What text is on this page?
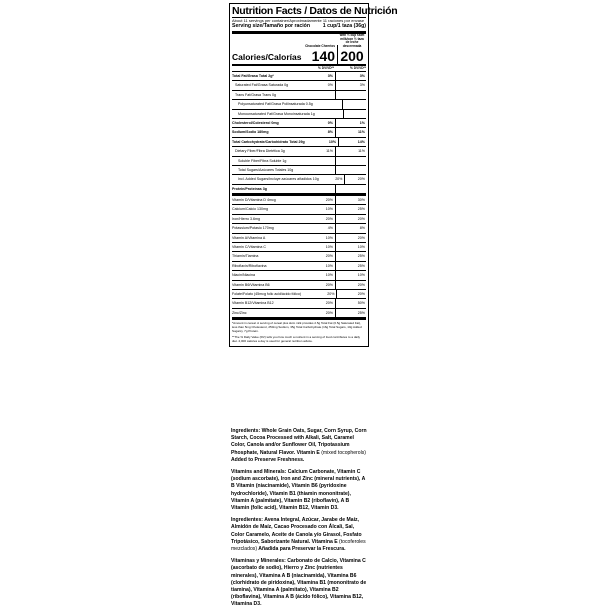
Nutrition Facts / Datos de Nutrición
About 11 servings per container/Aproximadamente 11 raciones por envase
Serving size/Tamaño por ración 1 cup/1 taza (36g)
Calories/Calorías
Chocolate Cheerios
140
with ½ cup skim milk/con ½ taza de leche descremada
200
% DV/VD**	% DV/VD**
Total Fat/Grasa Total 2g*	3%	3%
Saturated Fat/Grasa Saturada 0g	0%	3%
Trans Fat/Grasa Trans 0g
Polyunsaturated Fat/Grasa Poliinsaturada 0.5g
Monounsaturated Fat/Grasa Monoinsaturada 1g
Cholesterol/Colesterol 0mg	0%	1%
Sodium/Sodio 180mg	8%	11%
Total Carbohydrate/Carbohidrato Total 29g	10%	14%
Dietary Fiber/Fibra Dietética 3g	11%	11%
Soluble Fiber/Fibra Soluble 1g
Total Sugars/Azúcares Totales 10g
Incl. Added Sugars/Incluye azúcares añadidos 10g	20%	20%
Protein/Proteínas 3g
Vitamin D/Vitamina D 4mcg	20%	30%
Calcium/Calcio 130mg	10%	25%
Iron/Hierro 3.6mg	20%	20%
Potassium/Potasio 170mg	4%	8%
Vitamin A/Vitamina A	10%	20%
Vitamin C/Vitamina C	10%	10%
Thiamin/Tiamina	20%	25%
Riboflavin/Riboflavina	10%	25%
Niacin/Niacina	10%	10%
Vitamin B6/Vitamina B6	20%	20%
Folate/Folato (45mcg folic acid/ácido fólico)	20%	20%
Vitamin B12/Vitamina B12	20%	50%
Zinc/Zinc	20%	25%
*Amount in cereal. A serving of cereal plus skim milk provides 2.5g Total Fat (0.5g Saturated Fat), less than 5mg Cholesterol, 250mg Sodium, 35g Total Carbohydrate (16g Total Sugars, 10g Added Sugars), 7g Protein.
**The % Daily Value (DV) tells you how much a nutrient in a serving of food contributes to a daily diet. 2,000 calories a day is used for general nutrition advice.

Ingredients: Whole Grain Oats, Sugar, Corn Syrup, Corn Starch, Cocoa Processed with Alkali, Salt, Caramel Color, Canola and/or Sunflower Oil, Tripotassium Phosphate, Natural Flavor. Vitamin E (mixed tocopherols) Added to Preserve Freshness.

Vitamins and Minerals: Calcium Carbonate, Vitamin C (sodium ascorbate), Iron and Zinc (mineral nutrients), A B Vitamin (niacinamide), Vitamin B6 (pyridoxine hydrochloride), Vitamin B1 (thiamin mononitrate), Vitamin A (palmitate), Vitamin B2 (riboflavin), A B Vitamin (folic acid), Vitamin B12, Vitamin D3.

Ingredientes: Avena Integral, Azúcar, Jarabe de Maíz, Almidón de Maíz, Cacao Procesado con Álcali, Sal, Color Caramelo, Aceite de Canola y/o Girasol, Fosfato Tripotásico, Saborizante Natural. Vitamina E (tocoferoles mezclados) Añadida para Preservar la Frescura.

Vitaminas y Minerales: Carbonato de Calcio, Vitamina C (ascorbato de sodio), Hierro y Zinc (nutrientes minerales), Vitamina A B (niacinamida), Vitamina B6 (clorhidrato de piridoxina), Vitamina B1 (mononitrato de tiamina), Vitamina A (palmitato), Vitamina B2 (riboflavina), Vitamina A B (ácido fólico), Vitamina B12, Vitamina D3.
